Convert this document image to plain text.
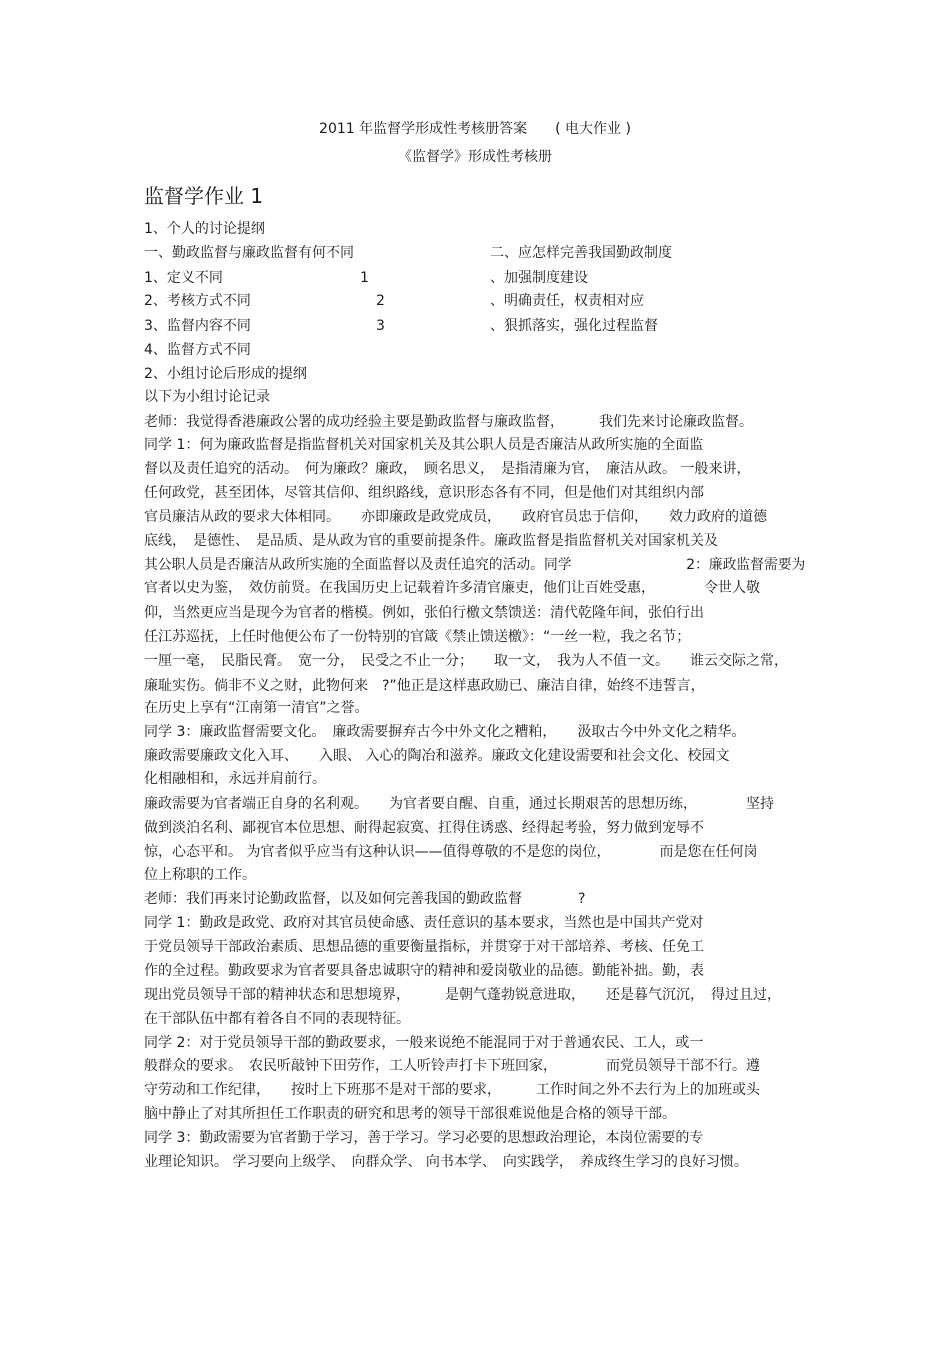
2011 年监督学形成性考核册答案　　( 电大作业 )
《监督学》形成性考核册
监督学作业 1
1、个人的讨论提纲
一、勤政监督与廉政监督有何不同	二、应怎样完善我国勤政制度
1、定义不同	1	、加强制度建设
2、考核方式不同	2	、明确责任，权责相对应
3、监督内容不同	3	、狠抓落实，强化过程监督
4、监督方式不同
2、小组讨论后形成的提纲
以下为小组讨论记录
老师：我觉得香港廉政公署的成功经验主要是勤政监督与廉政监督，　　　我们先来讨论廉政监督。
同学 1：何为廉政监督是指监督机关对国家机关及其公职人员是否廉洁从政所实施的全面监
督以及责任追究的活动。　何为廉政？廉政，　顾名思义，　是指清廉为官，　廉洁从政。 一般来讲，
任何政党，甚至团体，尽管其信仰、组织路线，意识形态各有不同，但是他们对其组织内部
官员廉洁从政的要求大体相同。　　亦即廉政是政党成员，　　政府官员忠于信仰，　　效力政府的道德
底线，　是德性、　是品质、是从政为官的重要前提条件。廉政监督是指监督机关对国家机关及
其公职人员是否廉洁从政所实施的全面监督以及责任追究的活动。同学　　　　　　　　 2：廉政监督需要为
官者以史为鉴，　效仿前贤。在我国历史上记载着许多清官廉吏，他们让百姓受惠，　　　　令世人敬
仰，当然更应当是现今为官者的楷模。例如，张伯行檄文禁馈送：清代乾隆年间，张伯行出
任江苏巡抚，上任时他便公布了一份特别的官箴《禁止馈送檄》：“一丝一粒，我之名节；
一厘一毫，　民脂民膏。　宽一分，　民受之不止一分；　　取一文，　我为人不值一文。　　谁云交际之常，
廉耻实伤。倘非不义之财，此物何来　?”他正是这样惠政励已、廉洁自律，始终不违誓言，
在历史上享有“江南第一清官”之誉。
同学 3：廉政监督需要文化。　廉政需要摒弃古今中外文化之糟粕，　　汲取古今中外文化之精华。
廉政需要廉政文化入耳、　　入眼、 入心的陶冶和滋养。廉政文化建设需要和社会文化、校园文
化相融相和，永远并肩前行。
廉政需要为官者端正自身的名利观。　　为官者要自醒、自重，通过长期艰苦的思想历练，　　　　坚持
做到淡泊名利、鄙视官本位思想、耐得起寂寞、扛得住诱惑、经得起考验，努力做到宠辱不
惊，心态平和。 为官者似乎应当有这种认识——值得尊敬的不是您的岗位，　　　　而是您在任何岗
位上称职的工作。
老师：我们再来讨论勤政监督，以及如何完善我国的勤政监督　　　　?
同学 1：勤政是政党、政府对其官员使命感、责任意识的基本要求，当然也是中国共产党对
于党员领导干部政治素质、思想品德的重要衡量指标，并贯穿于对干部培养、考核、任免工
作的全过程。勤政要求为官者要具备忠诚职守的精神和爱岗敬业的品德。勤能补拙。勤，表
现出党员领导干部的精神状态和思想境界，　　　是朝气蓬勃锐意进取，　　还是暮气沉沉，　得过且过，
在干部队伍中都有着各自不同的表现特征。
同学 2：对于党员领导干部的勤政要求，一般来说绝不能混同于对于普通农民、工人，或一
般群众的要求。　农民听敲钟下田劳作，工人听铃声打卡下班回家，　　　　而党员领导干部不行。遵
守劳动和工作纪律，　　按时上下班那不是对干部的要求，　　　工作时间之外不去行为上的加班或头
脑中静止了对其所担任工作职责的研究和思考的领导干部很难说他是合格的领导干部。
同学 3：勤政需要为官者勤于学习，善于学习。学习必要的思想政治理论，本岗位需要的专
业理论知识。 学习要向上级学、　向群众学、 向书本学、　向实践学，　养成终生学习的良好习惯。
